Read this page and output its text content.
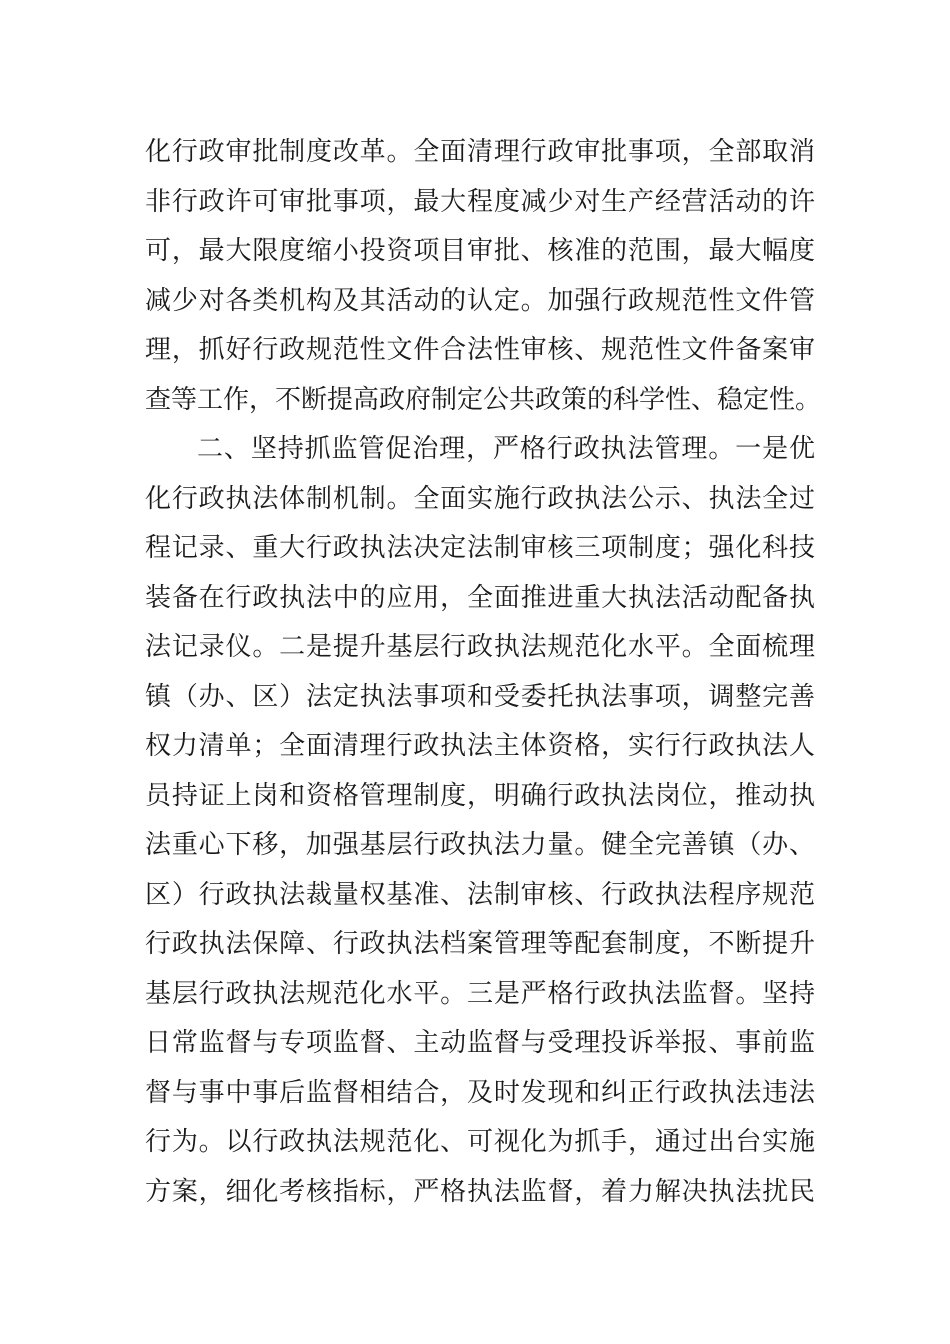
化行政审批制度改革。全面清理行政审批事项，全部取消
非行政许可审批事项，最大程度减少对生产经营活动的许
可，最大限度缩小投资项目审批、核准的范围，最大幅度
减少对各类机构及其活动的认定。加强行政规范性文件管
理，抓好行政规范性文件合法性审核、规范性文件备案审
查等工作，不断提高政府制定公共政策的科学性、稳定性。
二、坚持抓监管促治理，严格行政执法管理。一是优
化行政执法体制机制。全面实施行政执法公示、执法全过
程记录、重大行政执法决定法制审核三项制度；强化科技
装备在行政执法中的应用，全面推进重大执法活动配备执
法记录仪。二是提升基层行政执法规范化水平。全面梳理
镇（办、区）法定执法事项和受委托执法事项，调整完善
权力清单；全面清理行政执法主体资格，实行行政执法人
员持证上岗和资格管理制度，明确行政执法岗位，推动执
法重心下移，加强基层行政执法力量。健全完善镇（办、
区）行政执法裁量权基准、法制审核、行政执法程序规范
行政执法保障、行政执法档案管理等配套制度，不断提升
基层行政执法规范化水平。三是严格行政执法监督。坚持
日常监督与专项监督、主动监督与受理投诉举报、事前监
督与事中事后监督相结合，及时发现和纠正行政执法违法
行为。以行政执法规范化、可视化为抓手，通过出台实施
方案，细化考核指标，严格执法监督，着力解决执法扰民
